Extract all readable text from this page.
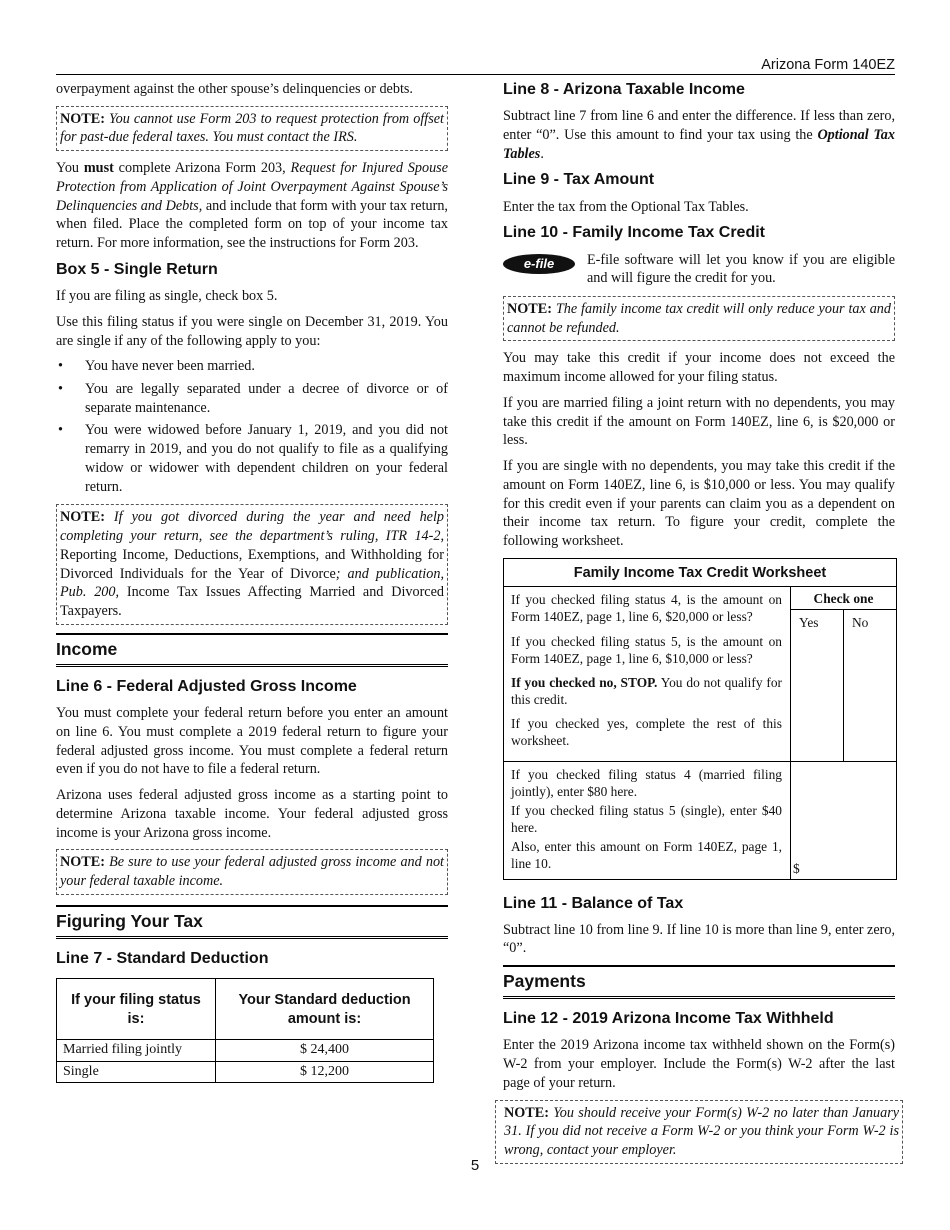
Arizona Form 140EZ

overpayment against the other spouse’s delinquencies or debts.

NOTE: You cannot use Form 203 to request protection from offset for past-due federal taxes. You must contact the IRS.

You must complete Arizona Form 203, Request for Injured Spouse Protection from Application of Joint Overpayment Against Spouse’s Delinquencies and Debts, and include that form with your tax return, when filed. Place the completed form on top of your income tax return. For more information, see the instructions for Form 203.

Box 5 - Single Return

If you are filing as single, check box 5.

Use this filing status if you were single on December 31, 2019. You are single if any of the following apply to you:

• You have never been married.
• You are legally separated under a decree of divorce or of separate maintenance.
• You were widowed before January 1, 2019, and you did not remarry in 2019, and you do not qualify to file as a qualifying widow or widower with dependent children on your federal return.
NOTE: If you got divorced during the year and need help completing your return, see the department’s ruling, ITR 14-2, Reporting Income, Deductions, Exemptions, and Withholding for Divorced Individuals for the Year of Divorce; and publication, Pub. 200, Income Tax Issues Affecting Married and Divorced Taxpayers.
Income
Line 6 - Federal Adjusted Gross Income

You must complete your federal return before you enter an amount on line 6. You must complete a 2019 federal return to figure your federal adjusted gross income. You must complete a federal return even if you do not have to file a federal return.

Arizona uses federal adjusted gross income as a starting point to determine Arizona taxable income. Your federal adjusted gross income is your Arizona gross income.

NOTE: Be sure to use your federal adjusted gross income and not your federal taxable income.
Figuring Your Tax
Line 7 - Standard Deduction
If your filing status is:	Your Standard deduction amount is:
Married filing jointly	$ 24,400
Single	$ 12,200
Line 8 - Arizona Taxable Income

Subtract line 7 from line 6 and enter the difference. If less than zero, enter “0”. Use this amount to find your tax using the Optional Tax Tables.

Line 9 - Tax Amount

Enter the tax from the Optional Tax Tables.

Line 10 - Family Income Tax Credit
e-file	E-file software will let you know if you are eligible and will figure the credit for you.
NOTE: The family income tax credit will only reduce your tax and cannot be refunded.

You may take this credit if your income does not exceed the maximum income allowed for your filing status.

If you are married filing a joint return with no dependents, you may take this credit if the amount on Form 140EZ, line 6, is $20,000 or less.

If you are single with no dependents, you may take this credit if the amount on Form 140EZ, line 6, is $10,000 or less. You may qualify for this credit even if your parents can claim you as a dependent on their income tax return. To figure your credit, complete the following worksheet.

Family Income Tax Credit Worksheet

If you checked filing status 4, is the amount on Form 140EZ, page 1, line 6, $20,000 or less?

If you checked filing status 5, is the amount on Form 140EZ, page 1, line 6, $10,000 or less?

If you checked no, STOP. You do not qualify for this credit.

If you checked yes, complete the rest of this worksheet.

Check one
Yes	No

If you checked filing status 4 (married filing jointly), enter $80 here.

If you checked filing status 5 (single), enter $40 here.

Also, enter this amount on Form 140EZ, page 1, line 10.	$
Line 11 - Balance of Tax

Subtract line 10 from line 9. If line 10 is more than line 9, enter zero, “0”.

Payments
Line 12 - 2019 Arizona Income Tax Withheld

Enter the 2019 Arizona income tax withheld shown on the Form(s) W-2 from your employer. Include the Form(s) W-2 after the last page of your return.

NOTE: You should receive your Form(s) W-2 no later than January 31. If you did not receive a Form W-2 or you think your Form W-2 is wrong, contact your employer.
5
